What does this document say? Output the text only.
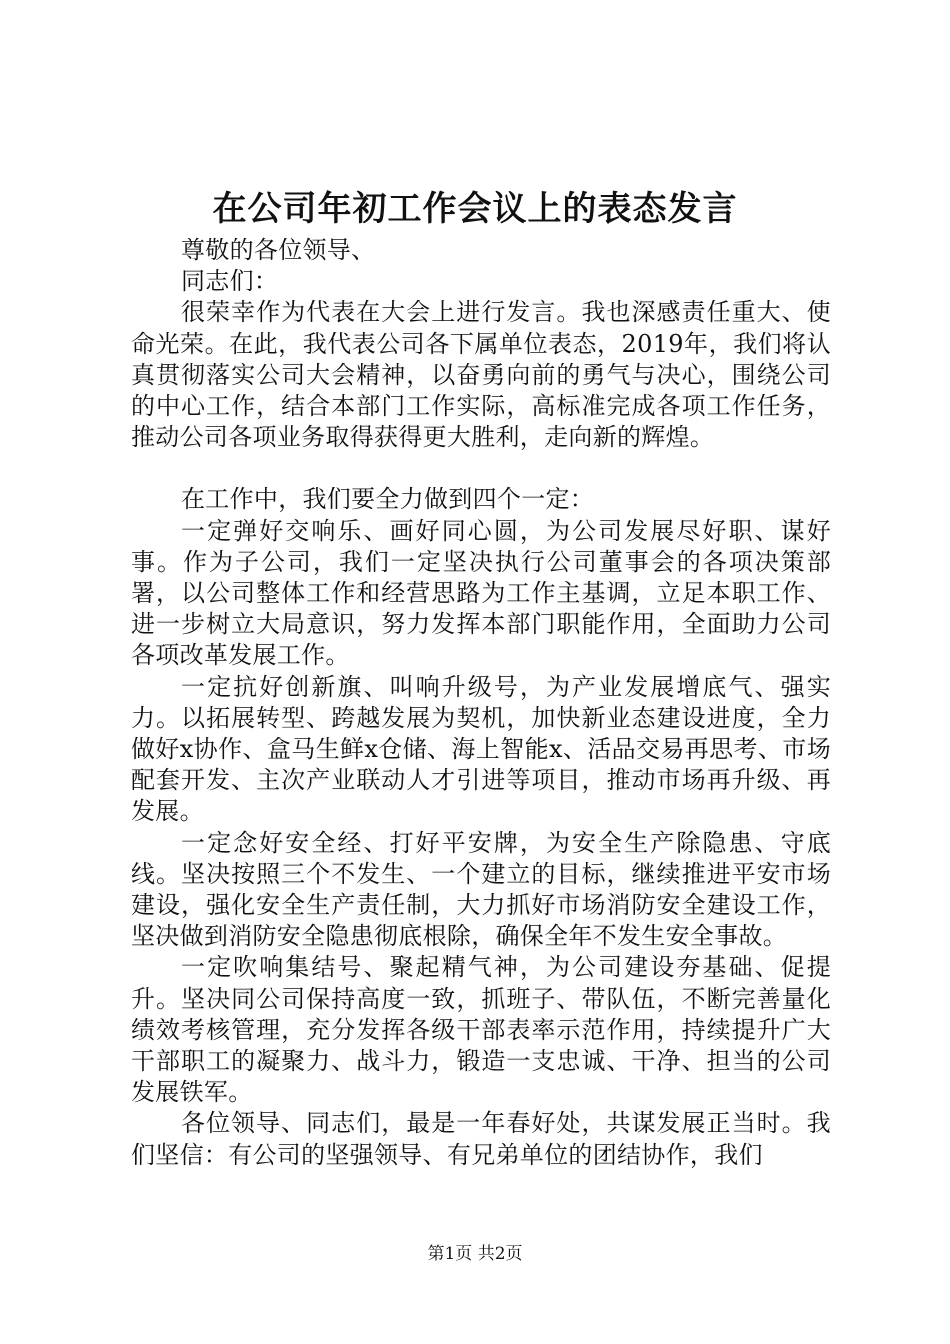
在公司年初工作会议上的表态发言

尊敬的各位领导、

同志们：

很荣幸作为代表在大会上进行发言。我也深感责任重大、使命光荣。在此，我代表公司各下属单位表态，2019年，我们将认真贯彻落实公司大会精神，以奋勇向前的勇气与决心，围绕公司的中心工作，结合本部门工作实际，高标准完成各项工作任务，推动公司各项业务取得获得更大胜利，走向新的辉煌。

在工作中，我们要全力做到四个一定：

一定弹好交响乐、画好同心圆，为公司发展尽好职、谋好事。作为子公司，我们一定坚决执行公司董事会的各项决策部署，以公司整体工作和经营思路为工作主基调，立足本职工作、进一步树立大局意识，努力发挥本部门职能作用，全面助力公司各项改革发展工作。

一定抗好创新旗、叫响升级号，为产业发展增底气、强实力。以拓展转型、跨越发展为契机，加快新业态建设进度，全力做好x协作、盒马生鲜x仓储、海上智能x、活品交易再思考、市场配套开发、主次产业联动人才引进等项目，推动市场再升级、再发展。

一定念好安全经、打好平安牌，为安全生产除隐患、守底线。坚决按照三个不发生、一个建立的目标，继续推进平安市场建设，强化安全生产责任制，大力抓好市场消防安全建设工作，坚决做到消防安全隐患彻底根除，确保全年不发生安全事故。

一定吹响集结号、聚起精气神，为公司建设夯基础、促提升。坚决同公司保持高度一致，抓班子、带队伍，不断完善量化绩效考核管理，充分发挥各级干部表率示范作用，持续提升广大干部职工的凝聚力、战斗力，锻造一支忠诚、干净、担当的公司发展铁军。

各位领导、同志们，最是一年春好处，共谋发展正当时。我们坚信：有公司的坚强领导、有兄弟单位的团结协作，我们

第1页 共2页
